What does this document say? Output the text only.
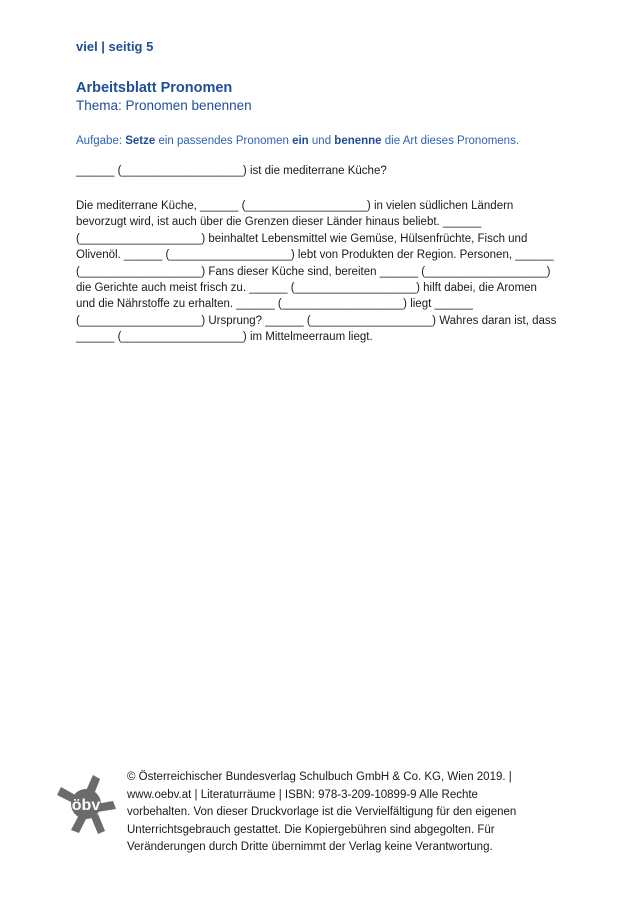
viel | seitig 5
Arbeitsblatt Pronomen
Thema: Pronomen benennen
Aufgabe: Setze ein passendes Pronomen ein und benenne die Art dieses Pronomens.
______ (___________________) ist die mediterrane Küche?
Die mediterrane Küche, ______ (___________________) in vielen südlichen Ländern
bevorzugt wird, ist auch über die Grenzen dieser Länder hinaus beliebt. ______
(___________________) beinhaltet Lebensmittel wie Gemüse, Hülsenfrüchte, Fisch und
Olivenöl. ______ (___________________) lebt von Produkten der Region. Personen, ______
(___________________) Fans dieser Küche sind, bereiten ______ (___________________)
die Gerichte auch meist frisch zu. ______ (___________________) hilft dabei, die Aromen
und die Nährstoffe zu erhalten. ______ (___________________) liegt ______
(___________________) Ursprung? ______ (___________________) Wahres daran ist, dass
______ (___________________) im Mittelmeerraum liegt.
öbv
© Österreichischer Bundesverlag Schulbuch GmbH & Co. KG, Wien 2019. |
www.oebv.at | Literaturräume | ISBN: 978-3-209-10899-9 Alle Rechte
vorbehalten. Von dieser Druckvorlage ist die Vervielfältigung für den eigenen
Unterrichtsgebrauch gestattet. Die Kopiergebühren sind abgegolten. Für
Veränderungen durch Dritte übernimmt der Verlag keine Verantwortung.
